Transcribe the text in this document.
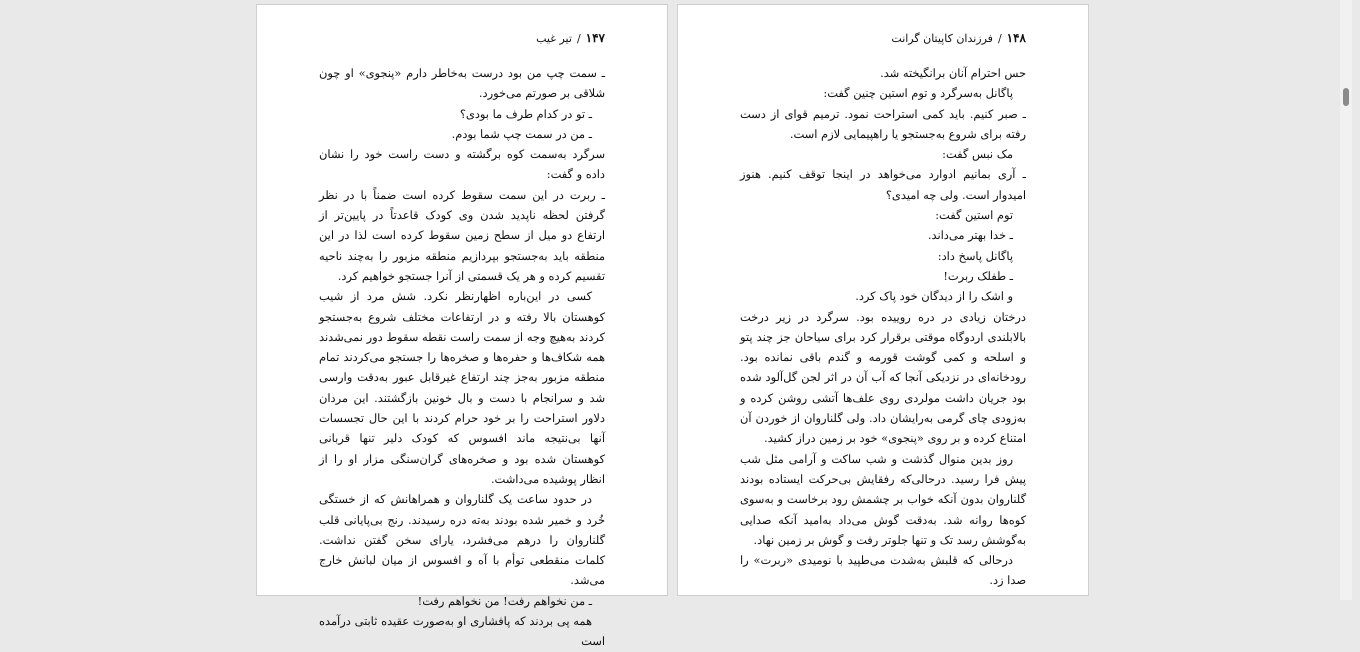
۱۴۷/تیر غیب

ـ سمت چپ من بود درست به‌خاطر دارم «پنجوی» او چون شلاقی بر صورتم می‌خورد.

ـ تو در کدام طرف ما بودی؟

ـ من در سمت چپ شما بودم.

سرگرد به‌سمت کوه برگشته و دست راست خود را نشان داده و گفت:

ـ ربرت در این سمت سقوط کرده است ضمناً با در نظر گرفتن لحظه ناپدید شدن وی کودک قاعدتاً در پایین‌تر از ارتفاع دو میل از سطح زمین سقوط کرده است لذا در این منطقه باید به‌جستجو بپردازیم منطقه مزبور را به‌چند ناحیه تقسیم کرده و هر یک قسمتی از آنرا جستجو خواهیم کرد.

کسی در این‌باره اظهارنظر نکرد. شش مرد از شیب کوهستان بالا رفته و در ارتفاعات مختلف شروع به‌جستجو کردند به‌هیچ وجه از سمت راست نقطه سقوط دور نمی‌شدند همه شکاف‌ها و حفره‌ها و صخره‌ها را جستجو می‌کردند تمام منطقه مزبور به‌جز چند ارتفاع غیرقابل عبور به‌دقت وارسی شد و سرانجام با دست و بال خونین بازگشتند. این مردان دلاور استراحت را بر خود حرام کردند با این حال تجسسات آنها بی‌نتیجه ماند افسوس که کودک دلیر تنها قربانی کوهستان شده بود و صخره‌های گران‌سنگی مزار او را از انظار پوشیده می‌داشت.

در حدود ساعت یک گلناروان و همراهانش که از خستگی خُرد و خمیر شده بودند به‌ته دره رسیدند. رنج بی‌پایانی قلب گلناروان را درهم می‌فشرد، یارای سخن گفتن نداشت. کلمات منقطعی توأم با آه و افسوس از میان لبانش خارج می‌شد.

ـ من نخواهم رفت! من نخواهم رفت!

همه پی بردند که پافشاری او به‌صورت عقیده ثابتی درآمده است

۱۴۸/فرزندان کاپیتان گرانت

حس احترام آنان برانگیخته شد.

پاگانل به‌سرگرد و توم استین چنین گفت:

ـ صبر کنیم. باید کمی استراحت نمود. ترمیم قوای از دست رفته برای شروع به‌جستجو یا راهپیمایی لازم است.

مک نبس گفت:

ـ آری بمانیم ادوارد می‌خواهد در اینجا توقف کنیم. هنوز امیدوار است. ولی چه امیدی؟

توم استین گفت:

ـ خدا بهتر می‌داند.

پاگانل پاسخ داد:

ـ طفلک ربرت!

و اشک را از دیدگان خود پاک کرد.

درختان زیادی در دره روییده بود. سرگرد در زیر درخت بالابلندی اردوگاه موقتی برقرار کرد برای سیاحان جز چند پتو و اسلحه و کمی گوشت قورمه و گندم باقی نمانده بود. رودخانه‌ای در نزدیکی آنجا که آب آن در اثر لجن گل‌آلود شده بود جریان داشت مولردی روی علف‌ها آتشی روشن کرده و به‌زودی چای گرمی به‌رایشان داد. ولی گلناروان از خوردن آن امتناع کرده و بر روی «پنجوی» خود بر زمین دراز کشید.

روز بدین منوال گذشت و شب ساکت و آرامی مثل شب پیش فرا رسید. درحالی‌که رفقایش بی‌حرکت ایستاده بودند گلناروان بدون آنکه خواب بر چشمش رود برخاست و به‌سوی کوه‌ها روانه شد. به‌دقت گوش می‌داد به‌امید آنکه صدایی به‌گوشش رسد تک و تنها جلوتر رفت و گوش بر زمین نهاد.

درحالی که قلبش به‌شدت می‌طپید با نومیدی «ربرت» را صدا زد.
